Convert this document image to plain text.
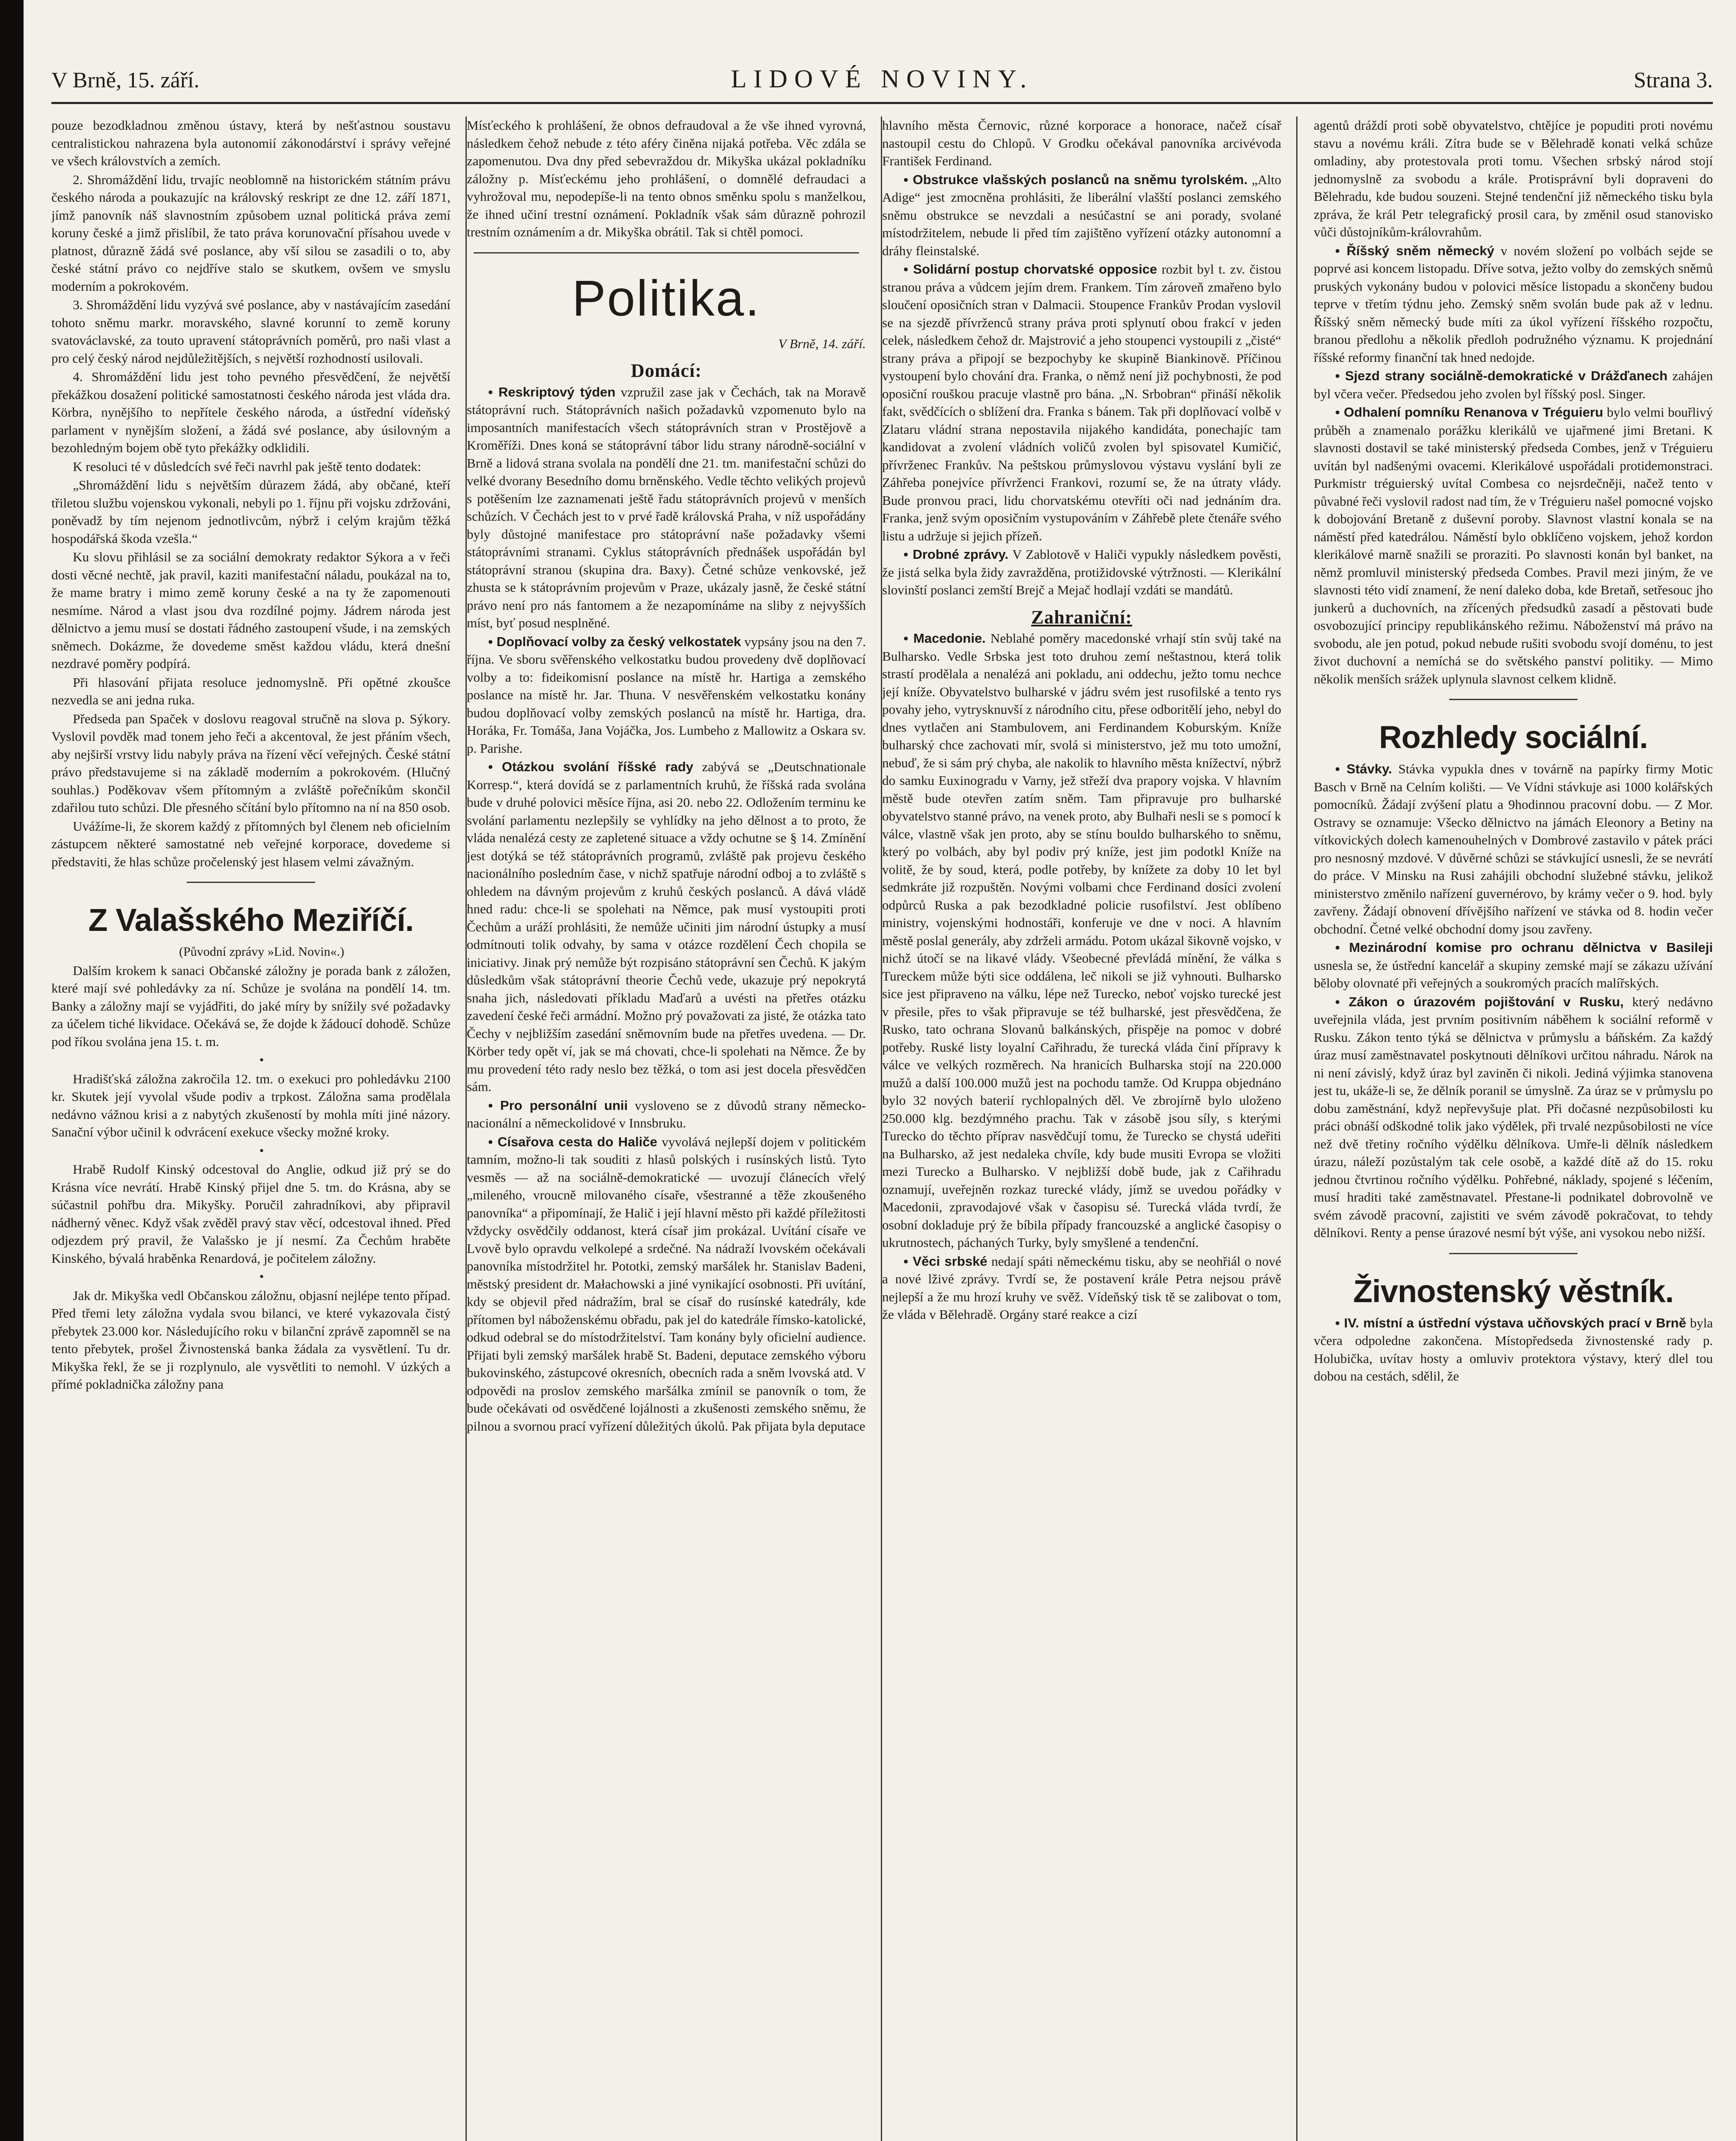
V Brně, 15. září.	LIDOVÉ NOVINY.	Strana 3.

pouze bezodkladnou změnou ústavy, která by nešťastnou soustavu centralistickou nahrazena byla autonomií zákonodárství i správy veřejné ve všech královstvích a zemích.

2. Shromáždění lidu, trvajíc neoblomně na historickém státním právu českého národa a poukazujíc na královský reskript ze dne 12. září 1871, jímž panovník náš slavnostním způsobem uznal politická práva zemí koruny české a jimž přislíbil, že tato práva korunovační přísahou uvede v platnost, důrazně žádá své poslance, aby vší silou se zasadili o to, aby české státní právo co nejdříve stalo se skutkem, ovšem ve smyslu moderním a pokrokovém.

3. Shromáždění lidu vyzývá své poslance, aby v nastávajícím zasedání tohoto sněmu markr. moravského, slavné korunní to země koruny svatováclavské, za touto upravení státoprávních poměrů, pro naši vlast a pro celý český národ nejdůležitějších, s největší rozhodností usilovali.

4. Shromáždění lidu jest toho pevného přesvědčení, že největší překážkou dosažení politické samostatnosti českého národa jest vláda dra. Körbra, nynějšího to nepřítele českého národa, a ústřední vídeňský parlament v nynějším složení, a žádá své poslance, aby úsilovným a bezohledným bojem obě tyto překážky odklidili.

K resoluci té v důsledcích své řeči navrhl pak ještě tento dodatek:

„Shromáždění lidu s největším důrazem žádá, aby občané, kteří třiletou službu vojenskou vykonali, nebyli po 1. říjnu při vojsku zdržováni, poněvadž by tím nejenom jednotlivcům, nýbrž i celým krajům těžká hospodářská škoda vzešla.“

Ku slovu přihlásil se za sociální demokraty redaktor Sýkora a v řeči dosti věcné nechtě, jak pravil, kaziti manifestační náladu, poukázal na to, že mame bratry i mimo země koruny české a na ty že zapomenouti nesmíme. Národ a vlast jsou dva rozdílné pojmy. Jádrem národa jest dělnictvo a jemu musí se dostati řádného zastoupení všude, i na zemských sněmech. Dokázme, že dovedeme směst každou vládu, která dnešní nezdravé poměry podpírá.

Při hlasování přijata resoluce jednomyslně. Při opětné zkoušce nezvedla se ani jedna ruka.

Předseda pan Spaček v doslovu reagoval stručně na slova p. Sýkory. Vyslovil povděk mad tonem jeho řeči a akcentoval, že jest přáním všech, aby nejširší vrstvy lidu nabyly práva na řízení věcí veřejných. České státní právo představujeme si na základě moderním a pokrokovém. (Hlučný souhlas.) Poděkovav všem přítomným a zvláště pořečníkům skončil zdařilou tuto schůzi. Dle přesného sčítání bylo přítomno na ní na 850 osob.

Uvážíme-li, že skorem každý z přítomných byl členem neb oficielním zástupcem některé samostatné neb veřejné korporace, dovedeme si představiti, že hlas schůze pročelenský jest hlasem velmi závažným.

Z Valašského Meziříčí.

(Původní zprávy »Lid. Novin«.)

Dalším krokem k sanaci Občanské záložny je porada bank z záložen, které mají své pohledávky za ní. Schůze je svolána na pondělí 14. tm. Banky a záložny mají se vyjádřiti, do jaké míry by snížily své požadavky za účelem tiché likvidace. Očekává se, že dojde k žádoucí dohodě. Schůze pod říkou svolána jena 15. t. m.

•

Hradišťská záložna zakročila 12. tm. o exekuci pro pohledávku 2100 kr. Skutek její vyvolal všude podiv a trpkost. Záložna sama prodělala nedávno vážnou krisi a z nabytých zkušeností by mohla míti jiné názory. Sanační výbor učinil k odvrácení exekuce všecky možné kroky.

•

Hrabě Rudolf Kinský odcestoval do Anglie, odkud již prý se do Krásna více nevrátí. Hrabě Kinský přijel dne 5. tm. do Krásna, aby se súčastnil pohřbu dra. Mikyšky. Poručil zahradníkovi, aby připravil nádherný věnec. Když však zvěděl pravý stav věcí, odcestoval ihned. Před odjezdem prý pravil, že Valašsko je jí nesmí. Za Čechům hraběte Kinského, bývalá hraběnka Renardová, je počitelem záložny.

•

Jak dr. Mikyška vedl Občanskou záložnu, objasní nejlépe tento případ. Před třemi lety záložna vydala svou bilanci, ve které vykazovala čistý přebytek 23.000 kor. Následujícího roku v bilanční zprávě zapomněl se na tento přebytek, prošel Živnostenská banka žádala za vysvětlení. Tu dr. Mikyška řekl, že se ji rozplynulo, ale vysvětliti to nemohl. V úzkých a přímé pokladnička záložny pana

Mísťeckého k prohlášení, že obnos defraudoval a že vše ihned vyrovná, následkem čehož nebude z této aféry činěna nijaká potřeba. Věc zdála se zapomenutou. Dva dny před sebevraždou dr. Mikyška ukázal pokladníku záložny p. Mísťeckému jeho prohlášení, o domnělé defraudaci a vyhrožoval mu, nepodepíše-li na tento obnos směnku spolu s manželkou, že ihned učiní trestní oznámení. Pokladník však sám důrazně pohrozil trestním oznámením a dr. Mikyška obrátil. Tak si chtěl pomoci.

Politika.

V Brně, 14. září.

Domácí:

• Reskriptový týden vzpružil zase jak v Čechách, tak na Moravě státoprávní ruch. Státoprávních našich požadavků vzpomenuto bylo na imposantních manifestacích všech státoprávních stran v Prostějově a Kroměříži. Dnes koná se státoprávní tábor lidu strany národně-sociální v Brně a lidová strana svolala na pondělí dne 21. tm. manifestační schůzi do velké dvorany Besedního domu brněnského. Vedle těchto velikých projevů s potěšením lze zaznamenati ještě řadu státoprávních projevů v menších schůzích. V Čechách jest to v prvé řadě královská Praha, v níž uspořádány byly důstojné manifestace pro státoprávní naše požadavky všemi státoprávními stranami. Cyklus státoprávních přednášek uspořádán byl státoprávní stranou (skupina dra. Baxy). Četné schůze venkovské, jež zhusta se k státoprávním projevům v Praze, ukázaly jasně, že české státní právo není pro nás fantomem a že nezapomínáme na sliby z nejvyšších míst, byť posud nesplněné.

• Doplňovací volby za český velkostatek vypsány jsou na den 7. října. Ve sboru svěřenského velkostatku budou provedeny dvě doplňovací volby a to: fideikomisní poslance na místě hr. Hartiga a zemského poslance na místě hr. Jar. Thuna. V nesvěřenském velkostatku konány budou doplňovací volby zemských poslanců na místě hr. Hartiga, dra. Horáka, Fr. Tomáša, Jana Vojáčka, Jos. Lumbeho z Mallowitz a Oskara sv. p. Parishe.

• Otázkou svolání říšské rady zabývá se „Deutschnationale Korresp.“, která dovídá se z parlamentních kruhů, že říšská rada svolána bude v druhé polovici měsíce října, asi 20. nebo 22. Odložením terminu ke svolání parlamentu nezlepšily se vyhlídky na jeho dělnost a to proto, že vláda nenalézá cesty ze zapletené situace a vždy ochutne se § 14. Zmínění jest dotýká se též státoprávních programů, zvláště pak projevu českého nacionálního posledním čase, v nichž spatřuje národní odboj a to zvláště s ohledem na dávným projevům z kruhů českých poslanců. A dává vládě hned radu: chce-li se spolehati na Němce, pak musí vystoupiti proti Čechům a uráží prohlásiti, že nemůže učiniti jim národní ústupky a musí odmítnouti tolik odvahy, by sama v otázce rozdělení Čech chopila se iniciativy. Jinak prý nemůže být rozpisáno státoprávní sen Čechů. K jakým důsledkům však státoprávní theorie Čechů vede, ukazuje prý nepokrytá snaha jich, následovati příkladu Maďarů a uvésti na přetřes otázku zavedení české řeči armádní. Možno prý považovati za jisté, že otázka tato Čechy v nejbližším zasedání sněmovním bude na přetřes uvedena. — Dr. Körber tedy opět ví, jak se má chovati, chce-li spolehati na Němce. Že by mu provedení této rady neslo bez těžká, o tom asi jest docela přesvědčen sám.

• Pro personální unii vysloveno se z důvodů strany německo-nacionální a německolidové v Innsbruku.

• Císařova cesta do Haliče vyvolává nejlepší dojem v politickém tamním, možno-li tak souditi z hlasů polských i rusínských listů. Tyto vesměs — až na sociálně-demokratické — uvozují článecích vřelý „mileného, vroucně milovaného císaře, všestranné a těže zkoušeného panovníka“ a připomínají, že Halič i její hlavní město při každé příležitosti vždycky osvědčily oddanost, která císař jim prokázal. Uvítání císaře ve Lvově bylo opravdu velkolepé a srdečné. Na nádraží lvovském očekávali panovníka místodržitel hr. Pototki, zemský maršálek hr. Stanislav Badeni, městský president dr. Małachowski a jiné vynikající osobnosti. Při uvítání, kdy se objevil před nádražím, bral se císař do rusínské katedrály, kde přítomen byl náboženskému obřadu, pak jel do katedrále římsko-katolické, odkud odebral se do místodržitelství. Tam konány byly oficielní audience. Přijati byli zemský maršálek hrabě St. Badeni, deputace zemského výboru bukovinského, zástupcové okresních, obecních rada a sněm lvovská atd. V odpovědi na proslov zemského maršálka zmínil se panovník o tom, že bude očekávati od osvědčené lojálnosti a zkušenosti zemského sněmu, že pilnou a svornou prací vyřízení důležitých úkolů. Pak přijata byla deputace

hlavního města Černovic, různé korporace a honorace, načež císař nastoupil cestu do Chlopů. V Grodku očekával panovníka arcivévoda František Ferdinand.

• Obstrukce vlašských poslanců na sněmu tyrolském. „Alto Adige“ jest zmocněna prohlásiti, že liberální vlašští poslanci zemského sněmu obstrukce se nevzdali a nesúčastní se ani porady, svolané místodržitelem, nebude li před tím zajištěno vyřízení otázky autonomní a dráhy fleinstalské.

• Solidární postup chorvatské opposice rozbit byl t. zv. čistou stranou práva a vůdcem jejím drem. Frankem. Tím zároveň zmařeno bylo sloučení oposičních stran v Dalmacii. Stoupence Frankův Prodan vyslovil se na sjezdě přívrženců strany práva proti splynutí obou frakcí v jeden celek, následkem čehož dr. Majstrović a jeho stoupenci vystoupili z „čisté“ strany práva a připojí se bezpochyby ke skupině Biankinově. Příčinou vystoupení bylo chování dra. Franka, o němž není již pochybnosti, že pod oposiční rouškou pracuje vlastně pro bána. „N. Srbobran“ přináší několik fakt, svědčících o sblížení dra. Franka s bánem. Tak při doplňovací volbě v Zlataru vládní strana nepostavila nijakého kandidáta, ponechajíc tam kandidovat a zvolení vládních voličů zvolen byl spisovatel Kumičić, přívrženec Frankův. Na peštskou průmyslovou výstavu vyslání byli ze Záhřeba ponejvíce přívrženci Frankovi, rozumí se, že na útraty vlády. Bude pronvou praci, lidu chorvatskému otevříti oči nad jednáním dra. Franka, jenž svým oposičním vystupováním v Záhřebě plete čtenáře svého listu a udržuje si jejich přízeň.

• Drobné zprávy. V Zablotově v Haliči vypukly následkem pověsti, že jistá selka byla židy zavražděna, protižidovské výtržnosti. — Klerikální slovinští poslanci zemští Brejč a Mejač hodlají vzdáti se mandátů.

Zahraniční:

• Macedonie. Neblahé poměry macedonské vrhají stín svůj také na Bulharsko. Vedle Srbska jest toto druhou zemí neštastnou, která tolik strastí prodělala a nenalézá ani pokladu, ani oddechu, ježto tomu nechce její kníže. Obyvatelstvo bulharské v jádru svém jest rusofilské a tento rys povahy jeho, vytrysknuvší z národního citu, přese odboritělí jeho, nebyl do dnes vytlačen ani Stambulovem, ani Ferdinandem Koburským. Kníže bulharský chce zachovati mír, svolá si ministerstvo, jež mu toto umožní, nebuď, že si sám prý chyba, ale nakolik to hlavního města knížectví, nýbrž do samku Euxinogradu v Varny, jež střeží dva prapory vojska. V hlavním městě bude otevřen zatím sněm. Tam připravuje pro bulharské obyvatelstvo stanné právo, na venek proto, aby Bulhaři nesli se s pomocí k válce, vlastně však jen proto, aby se stínu bouldo bulharského to sněmu, který po volbách, aby byl podiv prý kníže, jest jim podotkl Kníže na volitě, že by soud, která, podle potřeby, by knížete za doby 10 let byl sedmkráte již rozpuštěn. Novými volbami chce Ferdinand dosíci zvolení odpůrců Ruska a pak bezodkladné policie rusofilství. Jest oblíbeno ministry, vojenskými hodnostáři, konferuje ve dne v noci. A hlavním městě poslal generály, aby zdrželi armádu. Potom ukázal šikovně vojsko, v nichž útočí se na likavé vlády. Všeobecné převládá mínění, že válka s Tureckem může býti sice oddálena, leč nikoli se již vyhnouti. Bulharsko sice jest připraveno na válku, lépe než Turecko, neboť vojsko turecké jest v přesile, přes to však připravuje se též bulharské, jest přesvědčena, že Rusko, tato ochrana Slovanů balkánských, přispěje na pomoc v dobré potřeby. Ruské listy loyalní Cařihradu, že turecká vláda činí přípravy k válce ve velkých rozměrech. Na hranicích Bulharska stojí na 220.000 mužů a další 100.000 mužů jest na pochodu tamže. Od Kruppa objednáno bylo 32 nových baterií rychlopalných děl. Ve zbrojírně bylo uloženo 250.000 klg. bezdýmného prachu. Tak v zásobě jsou síly, s kterými Turecko do těchto příprav nasvědčují tomu, že Turecko se chystá udeřiti na Bulharsko, až jest nedaleka chvíle, kdy bude musiti Evropa se vložiti mezi Turecko a Bulharsko. V nejbližší době bude, jak z Cařihradu oznamují, uveřejněn rozkaz turecké vlády, jímž se uvedou pořádky v Macedonii, zpravodajové však v časopisu sé. Turecká vláda tvrdí, že osobní dokladuje prý že bíbila případy francouzské a anglické časopisy o ukrutnostech, páchaných Turky, byly smyšlené a tendenční.

• Věci srbské nedají spáti německému tisku, aby se neohřiál o nové a nové lživé zprávy. Tvrdí se, že postavení krále Petra nejsou právě nejlepší a že mu hrozí kruhy ve svěž. Vídeňský tisk tě se zalibovat o tom, že vláda v Bělehradě. Orgány staré reakce a cizí

agentů dráždí proti sobě obyvatelstvo, chtějíce je popuditi proti novému stavu a novému králi. Zítra bude se v Bělehradě konati velká schůze omladiny, aby protestovala proti tomu. Všechen srbský národ stojí jednomyslně za svobodu a krále. Protisprávní byli dopraveni do Bělehradu, kde budou souzeni. Stejné tendenční již německého tisku byla zpráva, že král Petr telegrafický prosil cara, by změnil osud stanovisko vůči důstojníkům-královrahům.

• Říšský sněm německý v novém složení po volbách sejde se poprvé asi koncem listopadu. Dříve sotva, ježto volby do zemských sněmů pruských vykonány budou v polovici měsíce listopadu a skončeny budou teprve v třetím týdnu jeho. Zemský sněm svolán bude pak až v lednu. Říšský sněm německý bude míti za úkol vyřízení říšského rozpočtu, branou předlohu a několik předloh podružného významu. K projednání říšské reformy finanční tak hned nedojde.

• Sjezd strany sociálně-demokratické v Drážďanech zahájen byl včera večer. Předsedou jeho zvolen byl říšský posl. Singer.

• Odhalení pomníku Renanova v Tréguieru bylo velmi bouřlivý průběh a znamenalo porážku klerikálů ve ujařmené jimi Bretani. K slavnosti dostavil se také ministerský předseda Combes, jenž v Tréguieru uvítán byl nadšenými ovacemi. Klerikálové uspořádali protidemonstraci. Purkmistr tréguierský uvítal Combesa co nejsrdečněji, načež tento v půvabné řeči vyslovil radost nad tím, že v Tréguieru našel pomocné vojsko k dobojování Bretaně z duševní poroby. Slavnost vlastní konala se na náměstí před katedrálou. Náměstí bylo obklíčeno vojskem, jehož kordon klerikálové marně snažili se proraziti. Po slavnosti konán byl banket, na němž promluvil ministerský předseda Combes. Pravil mezi jiným, že ve slavnosti této vidí znamení, že není daleko doba, kde Bretaň, setřesouc jho junkerů a duchovních, na zřícených předsudků zasadí a pěstovati bude osvobozující principy republikánského režimu. Náboženství má právo na svobodu, ale jen potud, pokud nebude rušiti svobodu svojí doménu, to jest život duchovní a nemíchá se do světského panství politiky. — Mimo několik menších srážek uplynula slavnost celkem klidně.

Rozhledy sociální.

• Stávky. Stávka vypukla dnes v továrně na papírky firmy Motic Basch v Brně na Celním kolišti. — Ve Vídni stávkuje asi 1000 kolářských pomocníků. Žádají zvýšení platu a 9hodinnou pracovní dobu. — Z Mor. Ostravy se oznamuje: Všecko dělnictvo na jámách Eleonory a Betiny na vítkovických dolech kamenouhelných v Dombrové zastavilo v pátek práci pro nesnosný mzdové. V důvěrné schůzi se stávkující usnesli, že se nevrátí do práce. V Minsku na Rusi zahájili obchodní služebné stávku, jelikož ministerstvo změnilo nařízení guvernérovo, by krámy večer o 9. hod. byly zavřeny. Žádají obnovení dřívějšího nařízení ve stávka od 8. hodin večer obchodní. Četné velké obchodní domy jsou zavřeny.

• Mezinárodní komise pro ochranu dělnictva v Basileji usnesla se, že ústřední kancelář a skupiny zemské mají se zákazu užívání běloby olovnaté při veřejných a soukromých pracích malířských.

• Zákon o úrazovém pojištování v Rusku, který nedávno uveřejnila vláda, jest prvním positivním náběhem k sociální reformě v Rusku. Zákon tento týká se dělnictva v průmyslu a báňském. Za každý úraz musí zaměstnavatel poskytnouti dělníkovi určitou náhradu. Nárok na ni není závislý, když úraz byl zaviněn či nikoli. Jediná výjimka stanovena jest tu, ukáže-li se, že dělník poranil se úmyslně. Za úraz se v průmyslu po dobu zaměstnání, když nepřevyšuje plat. Při dočasné nezpůsobilosti ku práci obnáší odškodné tolik jako výdělek, při trvalé nezpůsobilosti ne více než dvě třetiny ročního výdělku dělníkova. Umře-li dělník následkem úrazu, náleží pozůstalým tak cele osobě, a každé dítě až do 15. roku jednou čtvrtinou ročního výdělku. Pohřebné, náklady, spojené s léčením, musí hraditi také zaměstnavatel. Přestane-li podnikatel dobrovolně ve svém závodě pracovní, zajistiti ve svém závodě pokračovat, to tehdy dělníkovi. Renty a pense úrazové nesmí být výše, ani vysokou nebo nižší.

Živnostenský věstník.

• IV. místní a ústřední výstava učňovských prací v Brně byla včera odpoledne zakončena. Místopředseda živnostenské rady p. Holubička, uvítav hosty a omluviv protektora výstavy, který dlel tou dobou na cestách, sdělil, že
